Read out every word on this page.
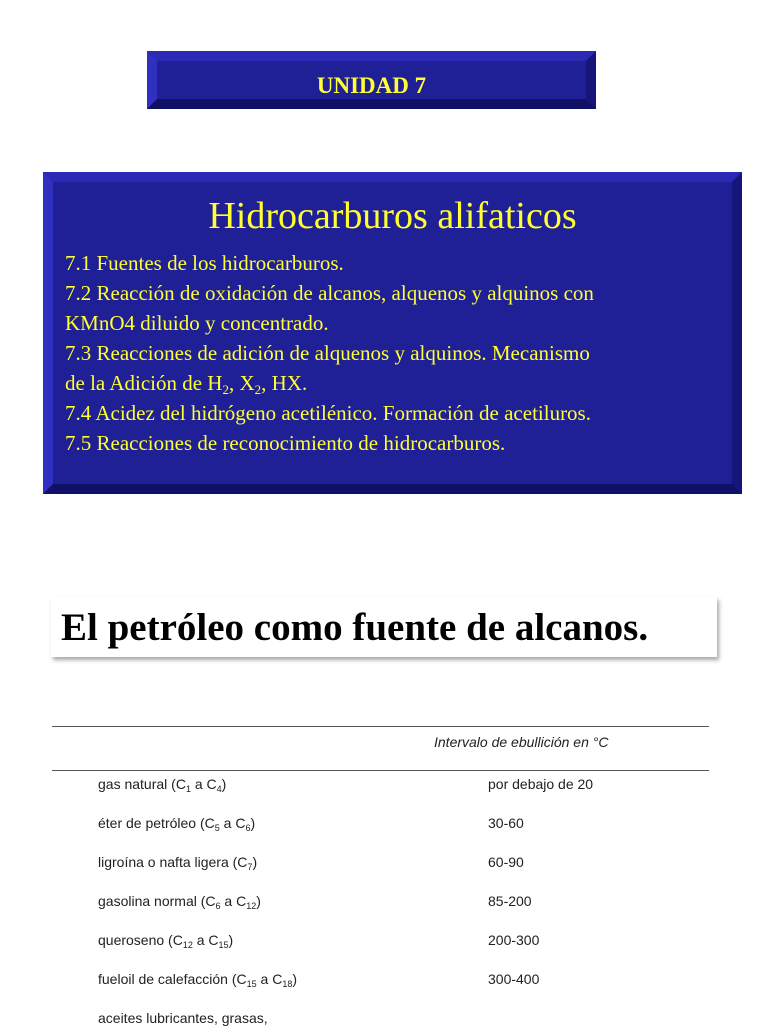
UNIDAD 7
Hidrocarburos alifaticos
7.1 Fuentes de los hidrocarburos.
7.2 Reacción de oxidación de alcanos, alquenos y alquinos con
KMnO4 diluido y concentrado.
7.3 Reacciones de adición de alquenos y alquinos. Mecanismo
de la Adición de $H_2$, $X_2$, HX.
7.4 Acidez del hidrógeno acetilénico. Formación de acetiluros.
7.5 Reacciones de reconocimiento de hidrocarburos.
El petróleo como fuente de alcanos.
Intervalo de ebullición en °C
gas natural ($C_1$ a $C_4$)	por debajo de 20
éter de petróleo ($C_5$ a $C_6$)	30-60
ligroína o nafta ligera $(C_7)$	60-90
gasolina normal ($C_6$ a $C_{12}$)	85-200
queroseno ($C_{12}$ a $C_{15}$)	200-300
fueloil de calefacción ($C_{15}$ a $C_{18}$)	300-400
aceites lubricantes, grasas,
